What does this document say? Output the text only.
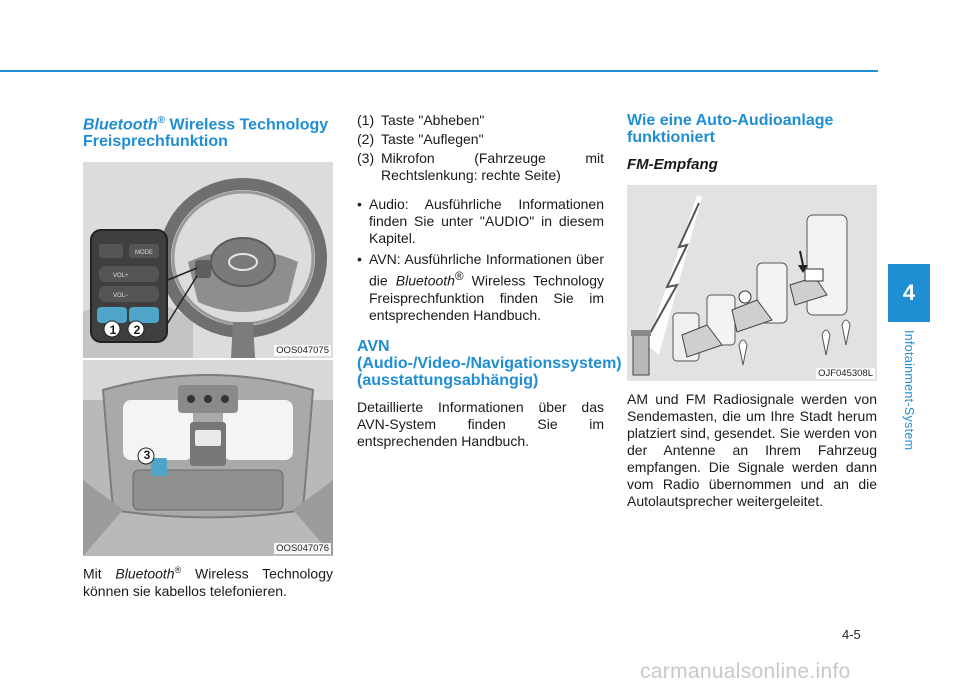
4
Infotainment-System
Bluetooth® Wireless Technology Freisprechfunktion
MODE
VOL+
VOL−
1	2
OOS047075
3
OOS047076

Mit Bluetooth® Wireless Technology können sie kabellos telefonieren.

(1) Taste "Abheben"
(2) Taste "Auflegen"
(3) Mikrofon (Fahrzeuge mit Rechtslenkung: rechte Seite)
• Audio: Ausführliche Informationen finden Sie unter "AUDIO" in diesem Kapitel.
• AVN: Ausführliche Informationen über die Bluetooth® Wireless Technology Freisprechfunktion finden Sie im entsprechenden Handbuch.
AVN (Audio-/Video-/Navigationssystem) (ausstattungsabhängig)

Detaillierte Informationen über das AVN-System finden Sie im entsprechenden Handbuch.

Wie eine Auto-Audioanlage funktioniert
FM-Empfang
OJF045308L

AM und FM Radiosignale werden von Sendemasten, die um Ihre Stadt herum platziert sind, gesendet. Sie werden von der Antenne an Ihrem Fahrzeug empfangen. Die Signale werden dann vom Radio übernommen und an die Autolautsprecher weitergeleitet.

4-5
carmanualsonline.info
